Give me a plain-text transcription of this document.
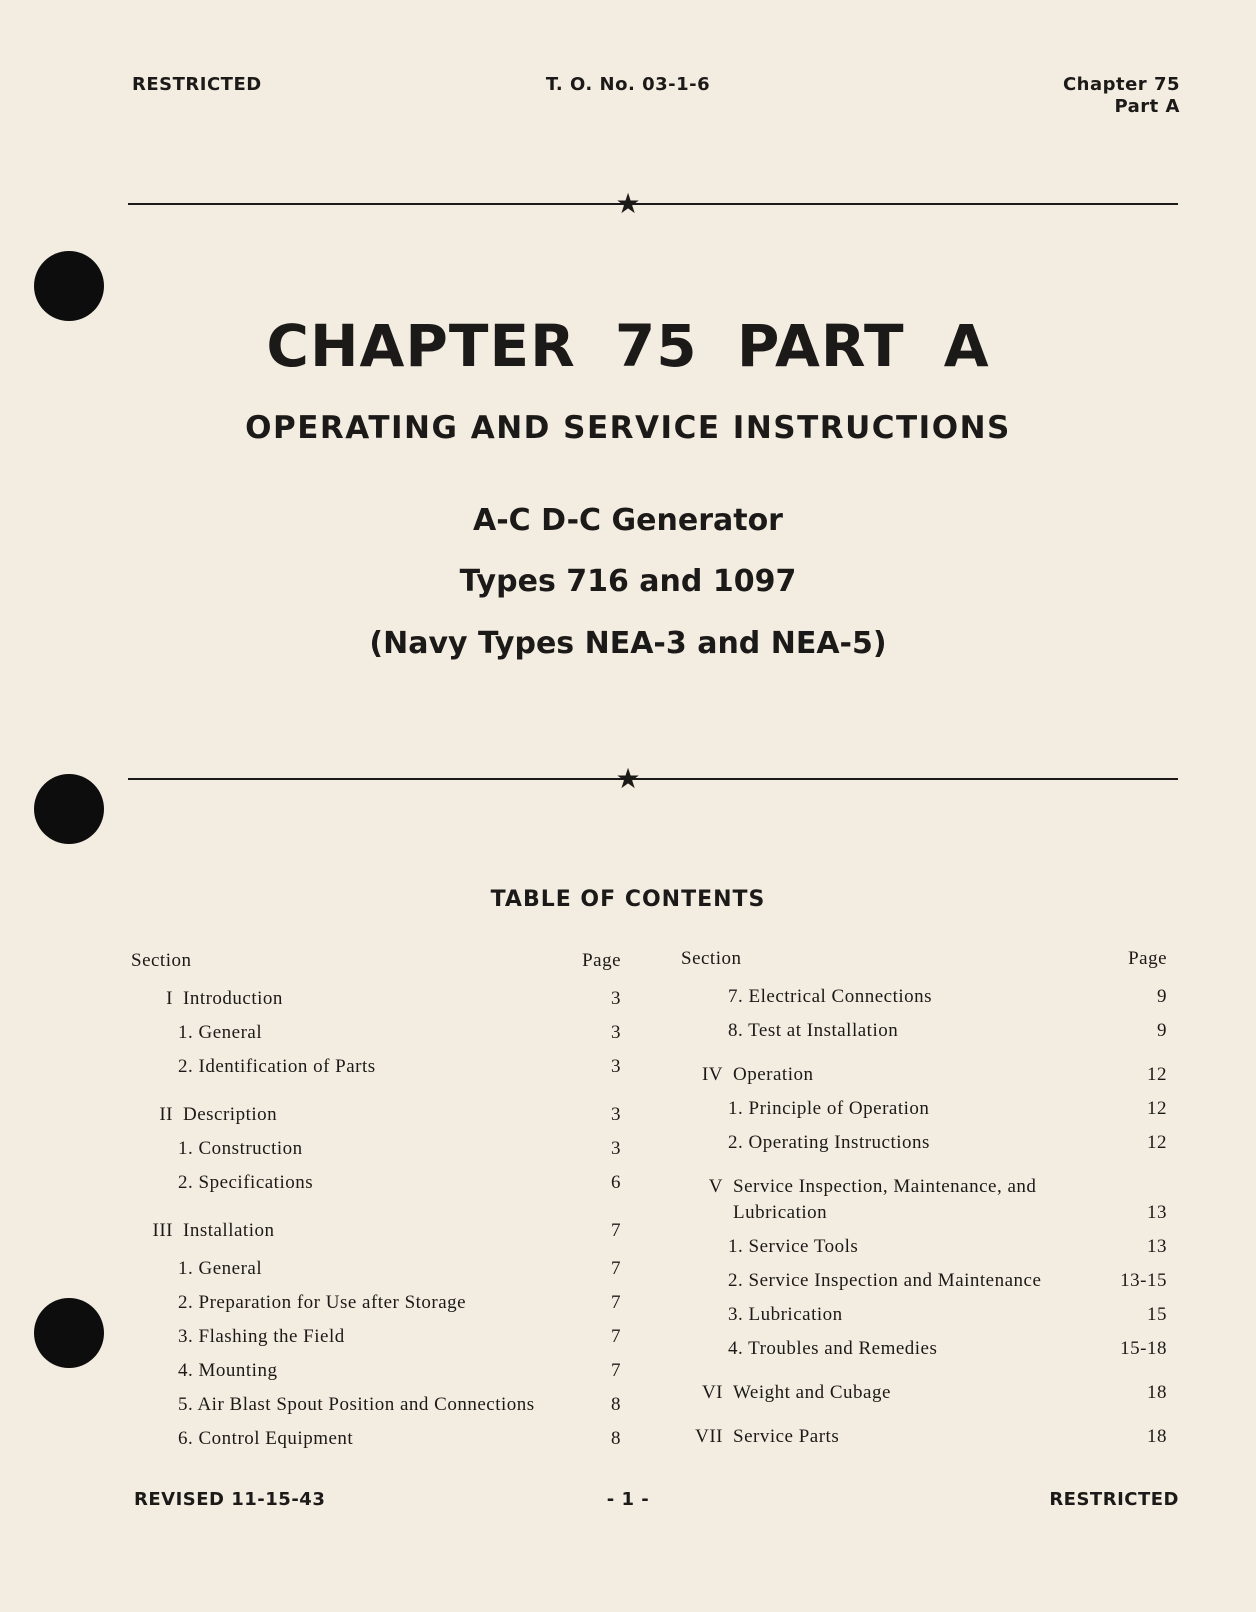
RESTRICTED	T. O. No. 03-1-6	Chapter 75
Part A
★
CHAPTER 75 PART A
OPERATING AND SERVICE INSTRUCTIONS
A-C D-C Generator
Types 716 and 1097
(Navy Types NEA-3 and NEA-5)
★
TABLE OF CONTENTS
Section	Page
I Introduction	3
1. General	3
2. Identification of Parts	3
II Description	3
1. Construction	3
2. Specifications	6
III Installation	7
1. General	7
2. Preparation for Use after Storage	7
3. Flashing the Field	7
4. Mounting	7
5. Air Blast Spout Position and Connections	8
6. Control Equipment	8
Section	Page
7. Electrical Connections	9
8. Test at Installation	9
IV Operation	12
1. Principle of Operation	12
2. Operating Instructions	12
V Service Inspection, Maintenance, and Lubrication	13
1. Service Tools	13
2. Service Inspection and Maintenance	13-15
3. Lubrication	15
4. Troubles and Remedies	15-18
VI Weight and Cubage	18
VII Service Parts	18
REVISED 11-15-43	- 1 -	RESTRICTED
